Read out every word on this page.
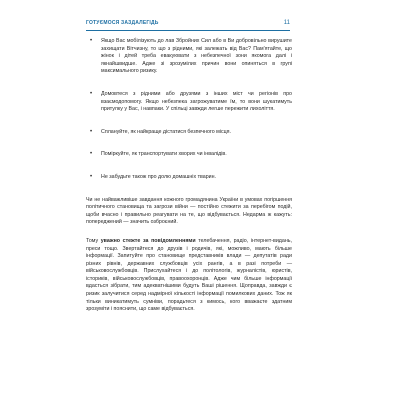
ГОТУЄМОСЯ ЗАЗДАЛЕГІДЬ	11
• Якщо Вас мобілізують до лав Збройних Сил або в Ви добровільно вирушите захищати Вітчизну, то що з рідними, які залежать від Вас? Пам'ятайте, що жінок і дітей треба евакуювати з небезпечної зони якомога далі і якнайшвидше. Адже зі зрозумілих причин вони опиняться в групі максимального ризику.
• Домовтеся з рідними або друзями з інших міст чи регіонів про взаємодопомогу. Якщо небезпека загрожуватиме їм, то вони шукатимуть притулку у Вас, і навпаки. У спільці завжди легше пережити лихоліття.
• Сплануйте, як найкраще дістатися безпечного місця.
• Поміркуйте, як транспортувати хворих чи інвалідів.
• Не забудьте також про долю домашніх тварин.

Чи не найважливіше завдання кожного громадянина України в умовах погіршення політичного становища та загрози війни — постійно стежити за перебігом подій, щоби вчасно і правильно реагувати на те, що відбувається. Недарма ж кажуть: попереджений — значить озброєний.

Тому уважно стежте за повідомленнями телебачення, радіо, інтернет-видань, преси тощо. Звертайтеся до друзів і родичів, які, можливо, мають більше інформації. Запитуйте про становище представників влади — депутатів ради різних рівнів, державних службовців усіх рангів, а в разі потреби — військовослужбовців. Прислухайтеся і до політологів, журналістів, юристів, істориків, військовослужбовців, правоохоронців. Адже чим більше інформації вдасться зібрати, тим адекватнішими будуть Ваші рішення. Щоправда, завжди є ризик залучитися серед надмірної кількості інформації помилкових даних. Тож як тільки виникатимуть сумніви, порадьтеся з кимось, кого вважаєте здатним зрозуміти і пояснити, що саме відбувається.
